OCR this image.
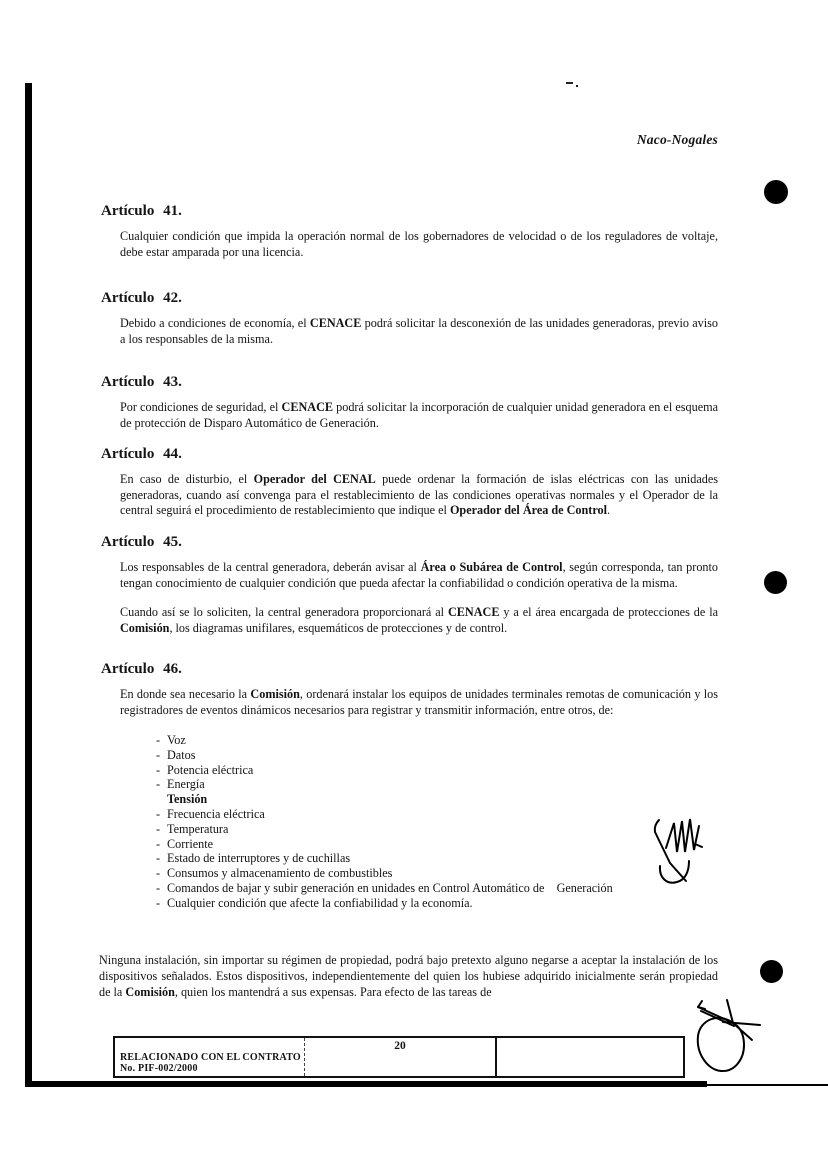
Naco-Nogales
Artículo 41.

Cualquier condición que impida la operación normal de los gobernadores de velocidad o de los reguladores de voltaje, debe estar amparada por una licencia.

Artículo 42.

Debido a condiciones de economía, el CENACE podrá solicitar la desconexión de las unidades generadoras, previo aviso a los responsables de la misma.

Artículo 43.

Por condiciones de seguridad, el CENACE podrá solicitar la incorporación de cualquier unidad generadora en el esquema de protección de Disparo Automático de Generación.

Artículo 44.

En caso de disturbio, el Operador del CENAL puede ordenar la formación de islas eléctricas con las unidades generadoras, cuando así convenga para el restablecimiento de las condiciones operativas normales y el Operador de la central seguirá el procedimiento de restablecimiento que indique el Operador del Área de Control.

Artículo 45.

Los responsables de la central generadora, deberán avisar al Área o Subárea de Control, según corresponda, tan pronto tengan conocimiento de cualquier condición que pueda afectar la confiabilidad o condición operativa de la misma.

Cuando así se lo soliciten, la central generadora proporcionará al CENACE y a el área encargada de protecciones de la Comisión, los diagramas unifilares, esquemáticos de protecciones y de control.

Artículo 46.

En donde sea necesario la Comisión, ordenará instalar los equipos de unidades terminales remotas de comunicación y los registradores de eventos dinámicos necesarios para registrar y transmitir información, entre otros, de:

- Voz
- Datos
- Potencia eléctrica
- Energía
Tensión
- Frecuencia eléctrica
- Temperatura
- Corriente
- Estado de interruptores y de cuchillas
- Consumos y almacenamiento de combustibles
- Comandos de bajar y subir generación en unidades en Control Automático de    Generación
- Cualquier condición que afecte la confiabilidad y la economía.

Ninguna instalación, sin importar su régimen de propiedad, podrá bajo pretexto alguno negarse a aceptar la instalación de los dispositivos señalados. Estos dispositivos, independientemente del quien los hubiese adquirido inicialmente serán propiedad de la Comisión, quien los mantendrá a sus expensas. Para efecto de las tareas de

RELACIONADO CON EL CONTRATO
No. PIF-002/2000
20
